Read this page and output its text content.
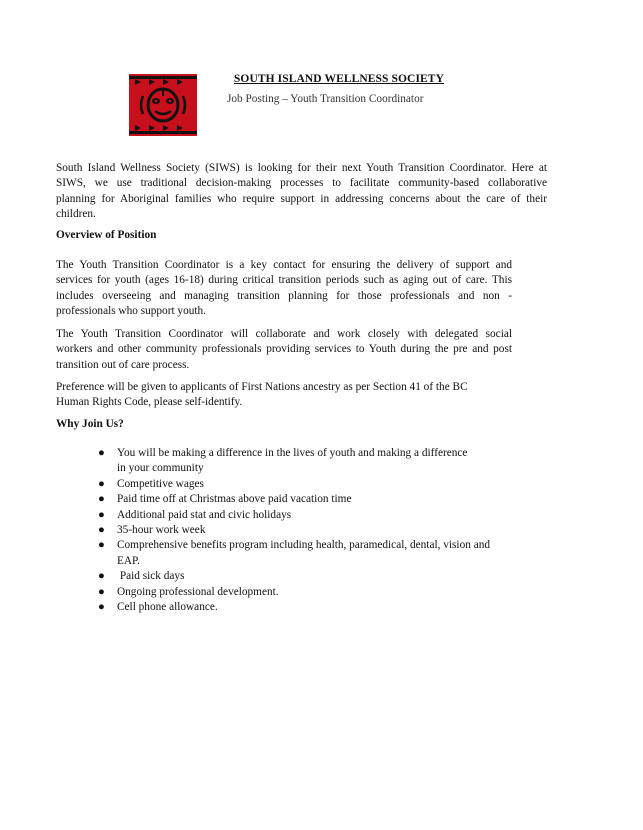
SOUTH ISLAND WELLNESS SOCIETY
Job Posting – Youth Transition Coordinator

South Island Wellness Society (SIWS) is looking for their next Youth Transition Coordinator. Here at
SIWS, we use traditional decision-making processes to facilitate community-based collaborative
planning for Aboriginal families who require support in addressing concerns about the care of their
children.

Overview of Position

The Youth Transition Coordinator is a key contact for ensuring the delivery of support and
services for youth (ages 16-18) during critical transition periods such as aging out of care. This
includes overseeing and managing transition planning for those professionals and non -
professionals who support youth.

The Youth Transition Coordinator will collaborate and work closely with delegated social
workers and other community professionals providing services to Youth during the pre and post
transition out of care process.

Preference will be given to applicants of First Nations ancestry as per Section 41 of the BC
Human Rights Code, please self-identify.

Why Join Us?
● You will be making a difference in the lives of youth and making a difference
in your community
● Competitive wages
● Paid time off at Christmas above paid vacation time
● Additional paid stat and civic holidays
● 35-hour work week
● Comprehensive benefits program including health, paramedical, dental, vision and
EAP.
● Paid sick days
● Ongoing professional development.
● Cell phone allowance.
